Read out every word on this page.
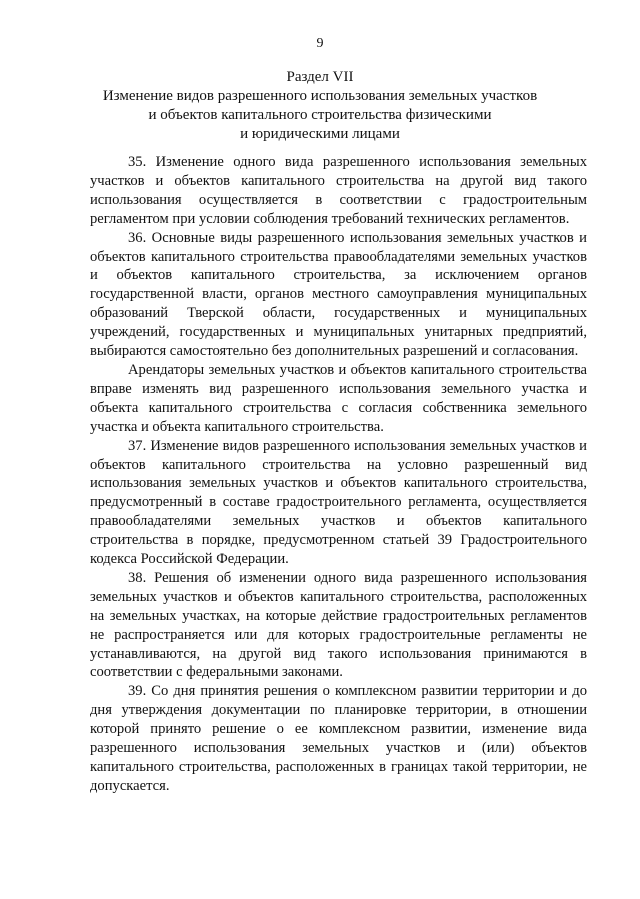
9
Раздел VII
Изменение видов разрешенного использования земельных участков
и объектов капитального строительства физическими
и юридическими лицами

35. Изменение одного вида разрешенного использования земельных участков и объектов капитального строительства на другой вид такого использования осуществляется в соответствии с градостроительным регламентом при условии соблюдения требований технических регламентов.

36. Основные виды разрешенного использования земельных участков и объектов капитального строительства правообладателями земельных участков и объектов капитального строительства, за исключением органов государственной власти, органов местного самоуправления муниципальных образований Тверской области, государственных и муниципальных учреждений, государственных и муниципальных унитарных предприятий, выбираются самостоятельно без дополнительных разрешений и согласования.

Арендаторы земельных участков и объектов капитального строительства вправе изменять вид разрешенного использования земельного участка и объекта капитального строительства с согласия собственника земельного участка и объекта капитального строительства.

37. Изменение видов разрешенного использования земельных участков и объектов капитального строительства на условно разрешенный вид использования земельных участков и объектов капитального строительства, предусмотренный в составе градостроительного регламента, осуществляется правообладателями земельных участков и объектов капитального строительства в порядке, предусмотренном статьей 39 Градостроительного кодекса Российской Федерации.

38. Решения об изменении одного вида разрешенного использования земельных участков и объектов капитального строительства, расположенных на земельных участках, на которые действие градостроительных регламентов не распространяется или для которых градостроительные регламенты не устанавливаются, на другой вид такого использования принимаются в соответствии с федеральными законами.

39. Со дня принятия решения о комплексном развитии территории и до дня утверждения документации по планировке территории, в отношении которой принято решение о ее комплексном развитии, изменение вида разрешенного использования земельных участков и (или) объектов капитального строительства, расположенных в границах такой территории, не допускается.
